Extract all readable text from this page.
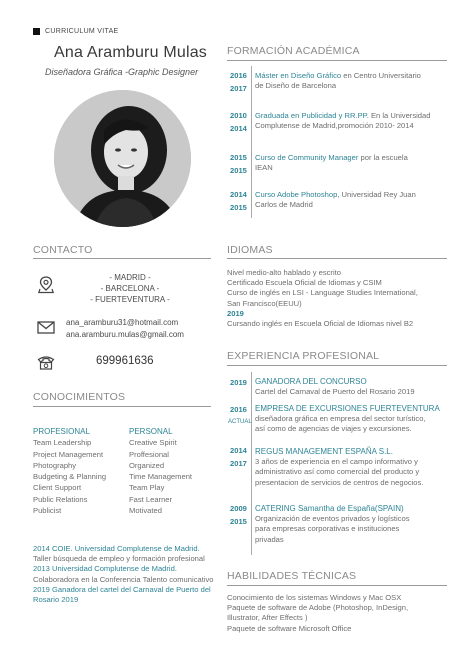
CURRICULUM VITAE
Ana Aramburu Mulas
Diseñadora Gráfica -Graphic Designer
FORMACIÓN ACADÉMICA
2016
2017
Máster en Diseño Gráfico en Centro Universitario
de Diseño de Barcelona
2010
2014
Graduada en Publicidad y RR.PP. En la Universidad
Complutense de Madrid,promoción 2010- 2014
2015
2015
Curso de Community Manager por la escuela
IEAN
2014
2015
Curso Adobe Photoshop, Universidad Rey Juan
Carlos de Madrid
CONTACTO
- MADRID -
- BARCELONA -
- FUERTEVENTURA -
ana_aramburu31@hotmail.com
ana.aramburu.mulas@gmail.com
699961636
IDIOMAS
Nivel medio-alto hablado y escrito
Certificado Escuela Oficial de Idiomas y CSIM
Curso de inglés en LSI - Language Studies International,
San Francisco(EEUU)
2019
Cursando inglés en Escuela Oficial de Idiomas nivel B2
EXPERIENCIA PROFESIONAL
2019 GANADORA DEL CONCURSO
Cartel del Carnaval de Puerto del Rosario 2019
2016
ACTUAL
EMPRESA DE EXCURSIONES FUERTEVENTURA
diseñadora gráfica en empresa del sector turístico,
así como de agencias de viajes y excursiones.
2014
2017
REGUS MANAGEMENT ESPAÑA S.L.
3 años de experiencia en el campo informativo y
administrativo así como comercial del producto y
presentacion de servicios de centros de negocios.
2009
2015
CATERING Samantha de España(SPAIN)
Organización de eventos privados y logísticos
para empresas corporativas e instituciones
privadas
CONOCIMIENTOS
PROFESIONAL
Team Leadership
Project Management
Photography
Budgeting & Planning
Client Support
Public Relations
Publicist
PERSONAL
Creative Spirit
Proffesional
Organized
Time Management
Team Play
Fast Learner
Motivated
2014 COIE. Universidad Complutense de Madrid.
Taller búsqueda de empleo y formación profesional
2013 Universidad Complutense de Madrid.
Colaboradora en la Conferencia Talento comunicativo
2019 Ganadora del cartel del Carnaval de Puerto del Rosario 2019
HABILIDADES TÉCNICAS
Conocimiento de los sistemas Windows y Mac OSX
Paquete de software de Adobe (Photoshop, InDesign,
Illustrator, After Effects )
Paquete de software Microsoft Office
